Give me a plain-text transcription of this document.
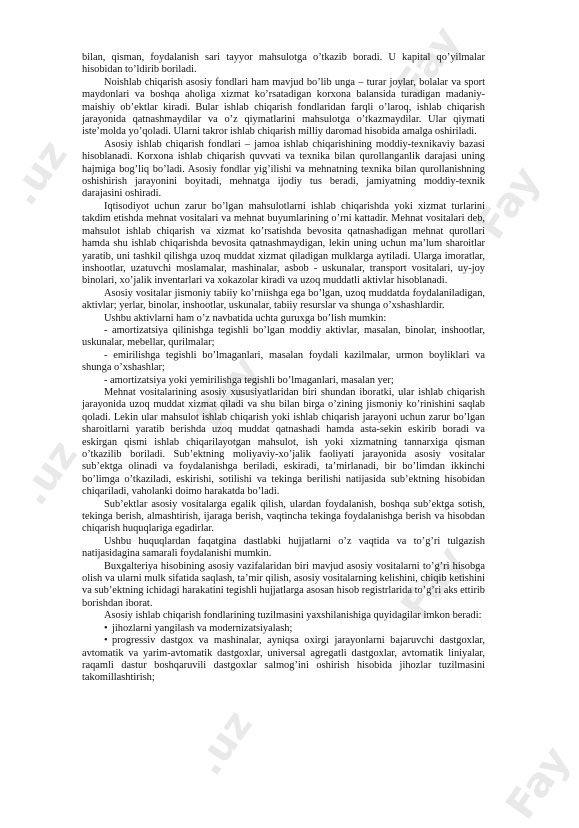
Fay
.uz	Fay
Fay
.uz
Fay
.uz	Fay

bilan, qisman, foydalanish sari tayyor mahsulotga o’tkazib boradi. U kapital qo’yilmalar hisobidan to’ldirib boriladi.

Noishlab chiqarish asosiy fondlari ham mavjud bo’lib unga – turar joylar, bolalar va sport maydonlari va boshqa aholiga xizmat ko’rsatadigan korxona balansida turadigan madaniy-maishiy ob’ektlar kiradi. Bular ishlab chiqarish fondlaridan farqli o’laroq, ishlab chiqarish jarayonida qatnashmaydilar va o’z qiymatlarini mahsulotga o’tkazmaydilar. Ular qiymati iste’molda yo’qoladi. Ularni takror ishlab chiqarish milliy daromad hisobida amalga oshiriladi.

Asosiy ishlab chiqarish fondlari – jamoa ishlab chiqarishining moddiy-texnikaviy bazasi hisoblanadi. Korxona ishlab chiqarish quvvati va texnika bilan qurollanganlik darajasi uning hajmiga bog’liq bo’ladi. Asosiy fondlar yig’ilishi va mehnatning texnika bilan qurollanishning oshishirish jarayonini boyitadi, mehnatga ijodiy tus beradi, jamiyatning moddiy-texnik darajasini oshiradi.

Iqtisodiyot uchun zarur bo’lgan mahsulotlarni ishlab chiqarishda yoki xizmat turlarini takdim etishda mehnat vositalari va mehnat buyumlarining o’rni kattadir. Mehnat vositalari deb, mahsulot ishlab chiqarish va xizmat ko’rsatishda bevosita qatnashadigan mehnat qurollari hamda shu ishlab chiqarishda bevosita qatnashmaydigan, lekin uning uchun ma’lum sharoitlar yaratib, uni tashkil qilishga uzoq muddat xizmat qiladigan mulklarga aytiladi. Ularga imoratlar, inshootlar, uzatuvchi moslamalar, mashinalar, asbob - uskunalar, transport vositalari, uy-joy binolari, xo’jalik inventarlari va xokazolar kiradi va uzoq muddatli aktivlar hisoblanadi.

Asosiy vositalar jismoniy tabiiy ko’rniishga ega bo’lgan, uzoq muddatda foydalaniladigan, aktivlar; yerlar, binolar, inshootlar, uskunalar, tabiiy resurslar va shunga o’xshashlardir.

Ushbu aktivlarni ham o’z navbatida uchta guruxga bo’lish mumkin:

- amortizatsiya qilinishga tegishli bo’lgan moddiy aktivlar, masalan, binolar, inshootlar, uskunalar, mebellar, qurilmalar;

- emirilishga tegishli bo’lmaganlari, masalan foydali kazilmalar, urmon boyliklari va shunga o’xshashlar;

- amortizatsiya yoki yemirilishga tegishli bo’lmaganlari, masalan yer;

Mehnat vositalarining asosiy xususiyatlaridan biri shundan iboratki, ular ishlab chiqarish jarayonida uzoq muddat xizmat qiladi va shu bilan birga o’zining jismoniy ko’rinishini saqlab qoladi. Lekin ular mahsulot ishlab chiqarish yoki ishlab chiqarish jarayoni uchun zarur bo’lgan sharoitlarni yaratib berishda uzoq muddat qatnashadi hamda asta-sekin eskirib boradi va eskirgan qismi ishlab chiqarilayotgan mahsulot, ish yoki xizmatning tannarxiga qisman o’tkazilib boriladi. Sub’ektning moliyaviy-xo’jalik faoliyati jarayonida asosiy vositalar sub’ektga olinadi va foydalanishga beriladi, eskiradi, ta’mirlanadi, bir bo’limdan ikkinchi bo’limga o’tkaziladi, eskirishi, sotilishi va tekinga berilishi natijasida sub’ektning hisobidan chiqariladi, vaholanki doimo harakatda bo’ladi.

Sub’ektlar asosiy vositalarga egalik qilish, ulardan foydalanish, boshqa sub’ektga sotish, tekinga berish, almashtirish, ijaraga berish, vaqtincha tekinga foydalanishga berish va hisobdan chiqarish huquqlariga egadirlar.

Ushbu huquqlardan faqatgina dastlabki hujjatlarni o’z vaqtida va to’g’ri tulgazish natijasidagina samarali foydalanishi mumkin.

Buxgalteriya hisobining asosiy vazifalaridan biri mavjud asosiy vositalarni to’g’ri hisobga olish va ularni mulk sifatida saqlash, ta’mir qilish, asosiy vositalarning kelishini, chiqib ketishini va sub’ektning ichidagi harakatini tegishli hujjatlarga asosan hisob registrlarida to’g’ri aks ettirib borishdan iborat.

Asosiy ishlab chiqarish fondlarining tuzilmasini yaxshilanishiga quyidagilar imkon beradi:

• jihozlarni yangilash va modernizatsiyalash;
• progressiv dastgox va mashinalar, ayniqsa oxirgi jarayonlarni bajaruvchi dastgoxlar, avtomatik va yarim-avtomatik dastgoxlar, universal agregatli dastgoxlar, avtomatik liniyalar, raqamli dastur boshqaruvili dastgoxlar salmog’ini oshirish hisobida jihozlar tuzilmasini takomillashtirish;
